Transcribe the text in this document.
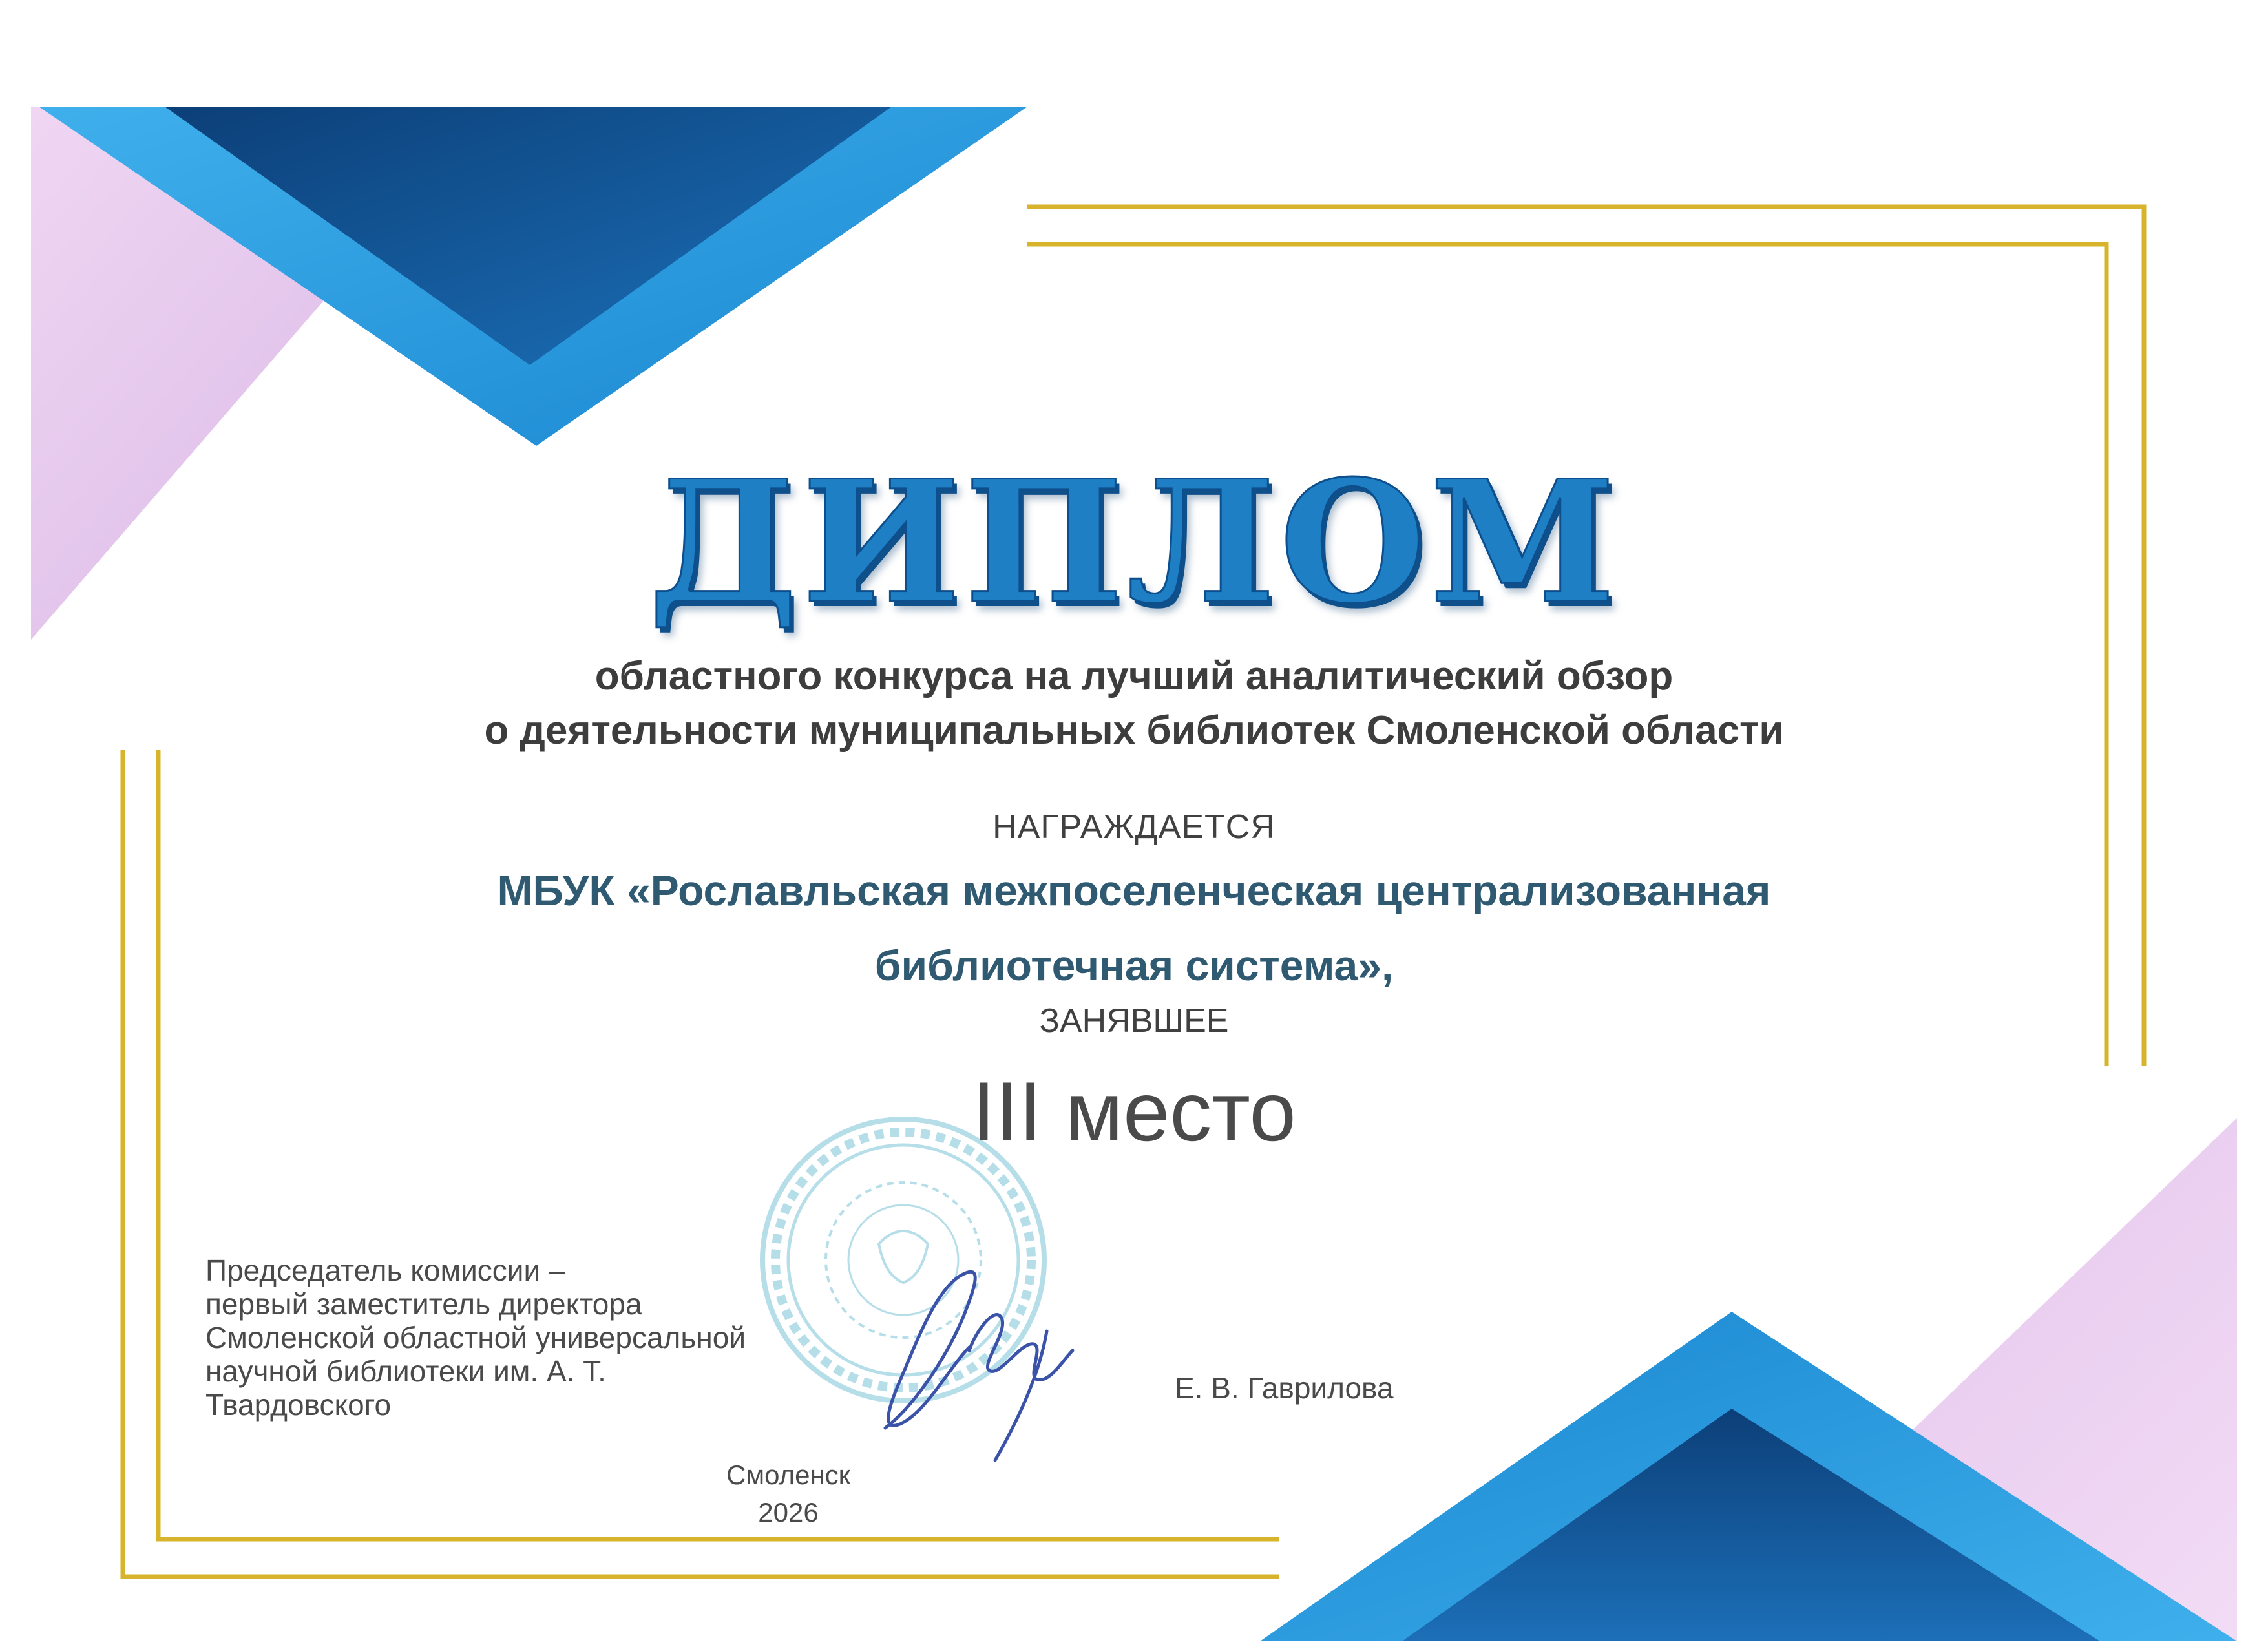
ДИПЛОМ
областного конкурса на лучший аналитический обзор
о деятельности муниципальных библиотек Смоленской области
НАГРАЖДАЕТСЯ
МБУК «Рославльская межпоселенческая централизованная
библиотечная система»,
ЗАНЯВШЕЕ
III место
Председатель комиссии –
первый заместитель директора
Смоленской областной универсальной
научной библиотеки им. А. Т. Твардовского	Е. В. Гаврилова
Смоленск
2026
